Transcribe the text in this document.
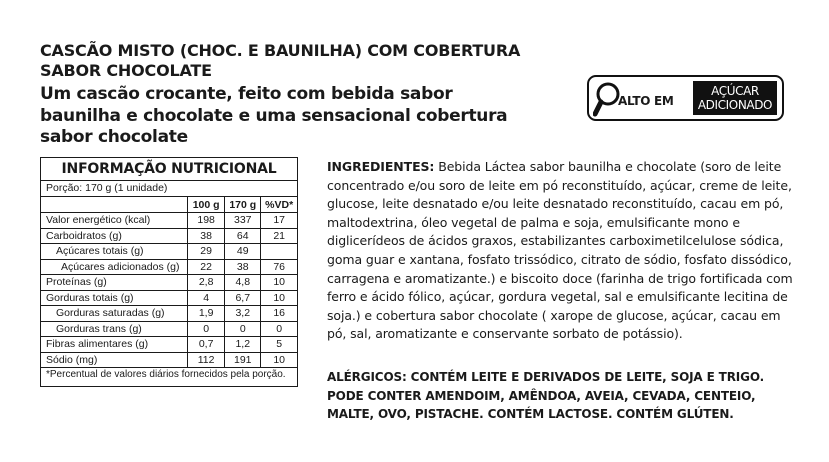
CASCÃO MISTO (CHOC. E BAUNILHA) COM COBERTURA SABOR CHOCOLATE
Um cascão crocante, feito com bebida sabor baunilha e chocolate e uma sensacional cobertura sabor chocolate
ALTO EM
AÇÚCAR
ADICIONADO
INFORMAÇÃO NUTRICIONAL
Porção: 170 g (1 unidade)
	100 g	170 g	%VD*
Valor energético (kcal)	198	337	17
Carboidratos (g)	38	64	21
Açúcares totais (g)	29	49	
Açúcares adicionados (g)	22	38	76
Proteínas (g)	2,8	4,8	10
Gorduras totais (g)	4	6,7	10
Gorduras saturadas (g)	1,9	3,2	16
Gorduras trans (g)	0	0	0
Fibras alimentares (g)	0,7	1,2	5
Sódio (mg)	112	191	10
*Percentual de valores diários fornecidos pela porção.
INGREDIENTES: Bebida Láctea sabor baunilha e chocolate (soro de leite concentrado e/ou soro de leite em pó reconstituído, açúcar, creme de leite, glucose, leite desnatado e/ou leite desnatado reconstituído, cacau em pó, maltodextrina, óleo vegetal de palma e soja, emulsificante mono e diglicerídeos de ácidos graxos, estabilizantes carboximetilcelulose sódica, goma guar e xantana, fosfato trissódico, citrato de sódio, fosfato dissódico, carragena e aromatizante.) e biscoito doce (farinha de trigo fortificada com ferro e ácido fólico, açúcar, gordura vegetal, sal e emulsificante lecitina de soja.) e cobertura sabor chocolate ( xarope de glucose, açúcar, cacau em pó, sal, aromatizante e conservante sorbato de potássio).
ALÉRGICOS: CONTÉM LEITE E DERIVADOS DE LEITE, SOJA E TRIGO. PODE CONTER AMENDOIM, AMÊNDOA, AVEIA, CEVADA, CENTEIO, MALTE, OVO, PISTACHE. CONTÉM LACTOSE. CONTÉM GLÚTEN.
